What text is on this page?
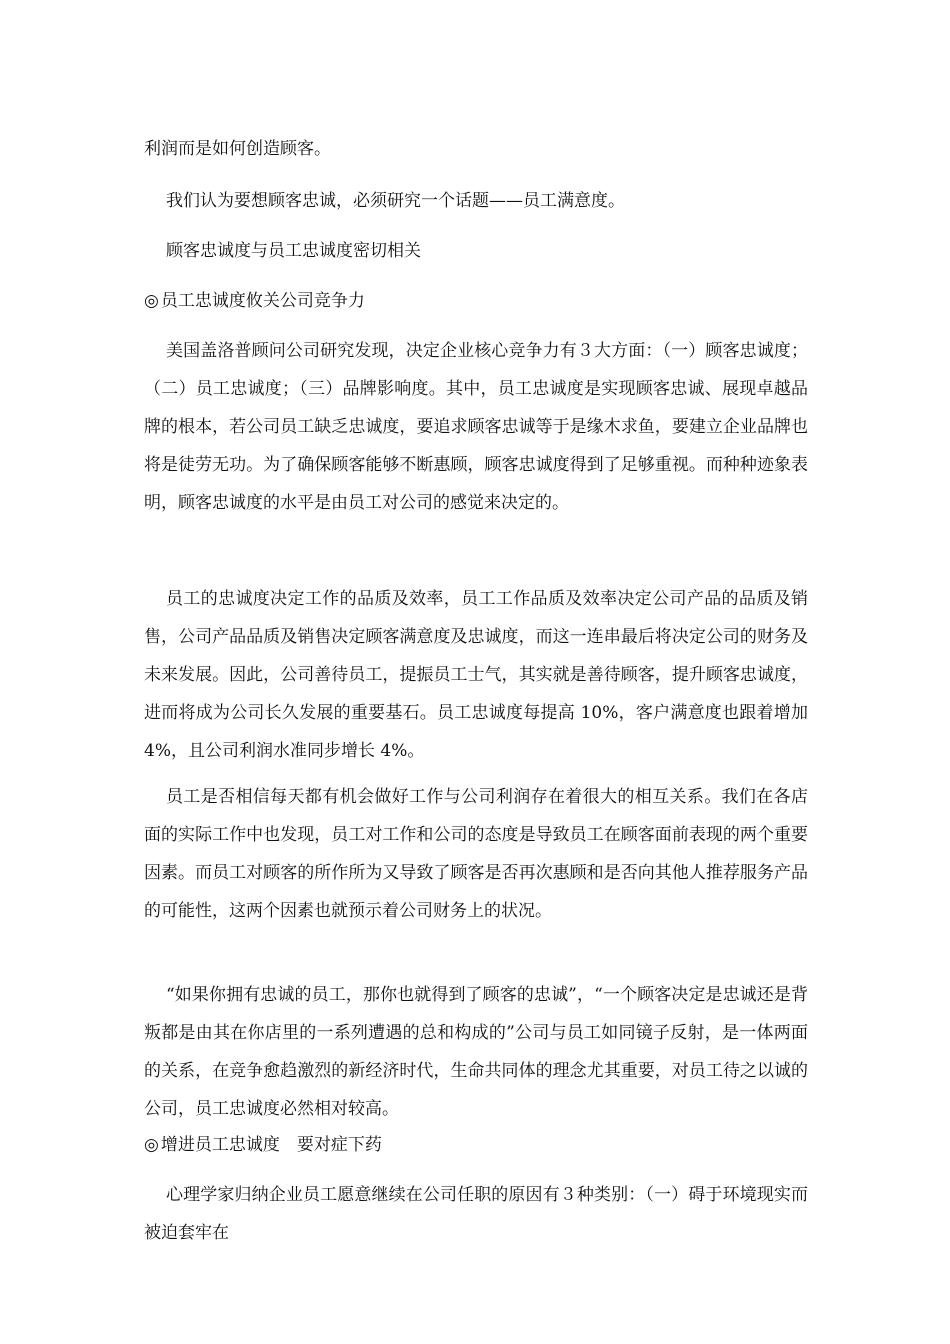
利润而是如何创造顾客。

我们认为要想顾客忠诚，必须研究一个话题——员工满意度。

顾客忠诚度与员工忠诚度密切相关

◎ 员工忠诚度攸关公司竞争力

美国盖洛普顾问公司研究发现，决定企业核心竞争力有３大方面：（一）顾客忠诚度；（二）员工忠诚度；（三）品牌影响度。其中，员工忠诚度是实现顾客忠诚、展现卓越品牌的根本，若公司员工缺乏忠诚度，要追求顾客忠诚等于是缘木求鱼，要建立企业品牌也将是徒劳无功。为了确保顾客能够不断惠顾，顾客忠诚度得到了足够重视。而种种迹象表明，顾客忠诚度的水平是由员工对公司的感觉来决定的。

员工的忠诚度决定工作的品质及效率，员工工作品质及效率决定公司产品的品质及销售，公司产品品质及销售决定顾客满意度及忠诚度，而这一连串最后将决定公司的财务及未来发展。因此，公司善待员工，提振员工士气，其实就是善待顾客，提升顾客忠诚度，进而将成为公司长久发展的重要基石。员工忠诚度每提高 10%，客户满意度也跟着增加 4%，且公司利润水准同步增长 4%。

员工是否相信每天都有机会做好工作与公司利润存在着很大的相互关系。我们在各店面的实际工作中也发现，员工对工作和公司的态度是导致员工在顾客面前表现的两个重要因素。而员工对顾客的所作所为又导致了顾客是否再次惠顾和是否向其他人推荐服务产品的可能性，这两个因素也就预示着公司财务上的状况。

“如果你拥有忠诚的员工，那你也就得到了顾客的忠诚”，“一个顾客决定是忠诚还是背叛都是由其在你店里的一系列遭遇的总和构成的”公司与员工如同镜子反射，是一体两面的关系，在竞争愈趋激烈的新经济时代，生命共同体的理念尤其重要，对员工待之以诚的公司，员工忠诚度必然相对较高。

◎ 增进员工忠诚度　要对症下药

心理学家归纳企业员工愿意继续在公司任职的原因有３种类别：（一）碍于环境现实而被迫套牢在
